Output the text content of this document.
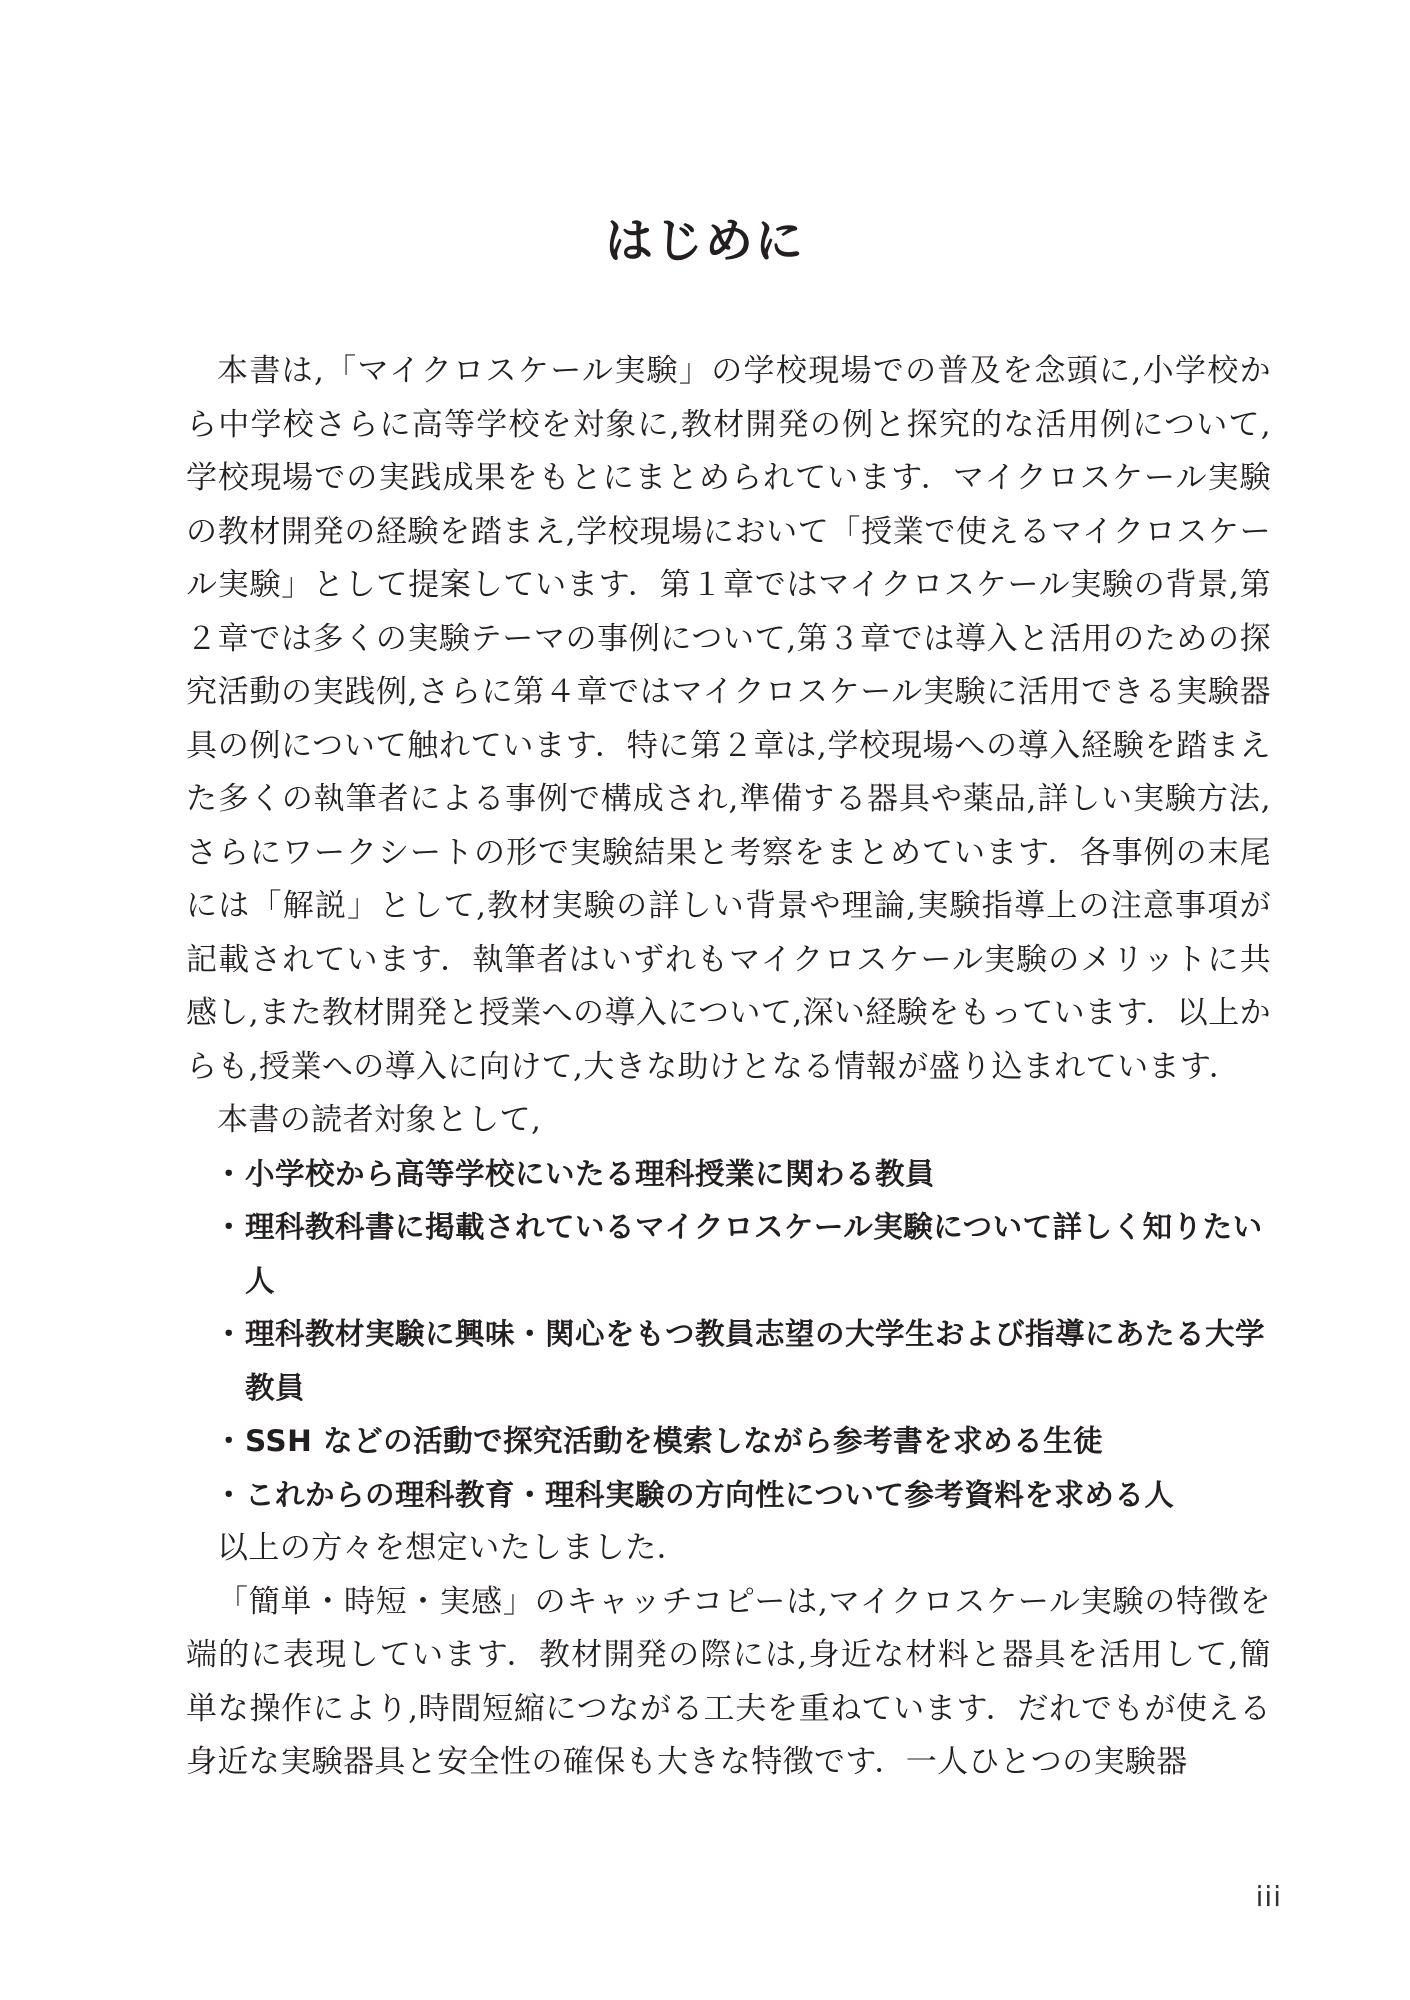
はじめに

本書は,「マイクロスケール実験」の学校現場での普及を念頭に,小学校から中学校さらに高等学校を対象に,教材開発の例と探究的な活用例について,学校現場での実践成果をもとにまとめられています．マイクロスケール実験の教材開発の経験を踏まえ,学校現場において「授業で使えるマイクロスケール実験」として提案しています．第１章ではマイクロスケール実験の背景,第２章では多くの実験テーマの事例について,第３章では導入と活用のための探究活動の実践例,さらに第４章ではマイクロスケール実験に活用できる実験器具の例について触れています．特に第２章は,学校現場への導入経験を踏まえた多くの執筆者による事例で構成され,準備する器具や薬品,詳しい実験方法,さらにワークシートの形で実験結果と考察をまとめています．各事例の末尾には「解説」として,教材実験の詳しい背景や理論,実験指導上の注意事項が記載されています．執筆者はいずれもマイクロスケール実験のメリットに共感し,また教材開発と授業への導入について,深い経験をもっています．以上からも,授業への導入に向けて,大きな助けとなる情報が盛り込まれています．

本書の読者対象として,

・ 小学校から高等学校にいたる理科授業に関わる教員
・ 理科教科書に掲載されているマイクロスケール実験について詳しく知りたい人
・ 理科教材実験に興味・関心をもつ教員志望の大学生および指導にあたる大学教員
・ SSH などの活動で探究活動を模索しながら参考書を求める生徒
・ これからの理科教育・理科実験の方向性について参考資料を求める人

以上の方々を想定いたしました．

「簡単・時短・実感」のキャッチコピーは,マイクロスケール実験の特徴を端的に表現しています．教材開発の際には,身近な材料と器具を活用して,簡単な操作により,時間短縮につながる工夫を重ねています．だれでもが使える身近な実験器具と安全性の確保も大きな特徴です．一人ひとつの実験器

iii
